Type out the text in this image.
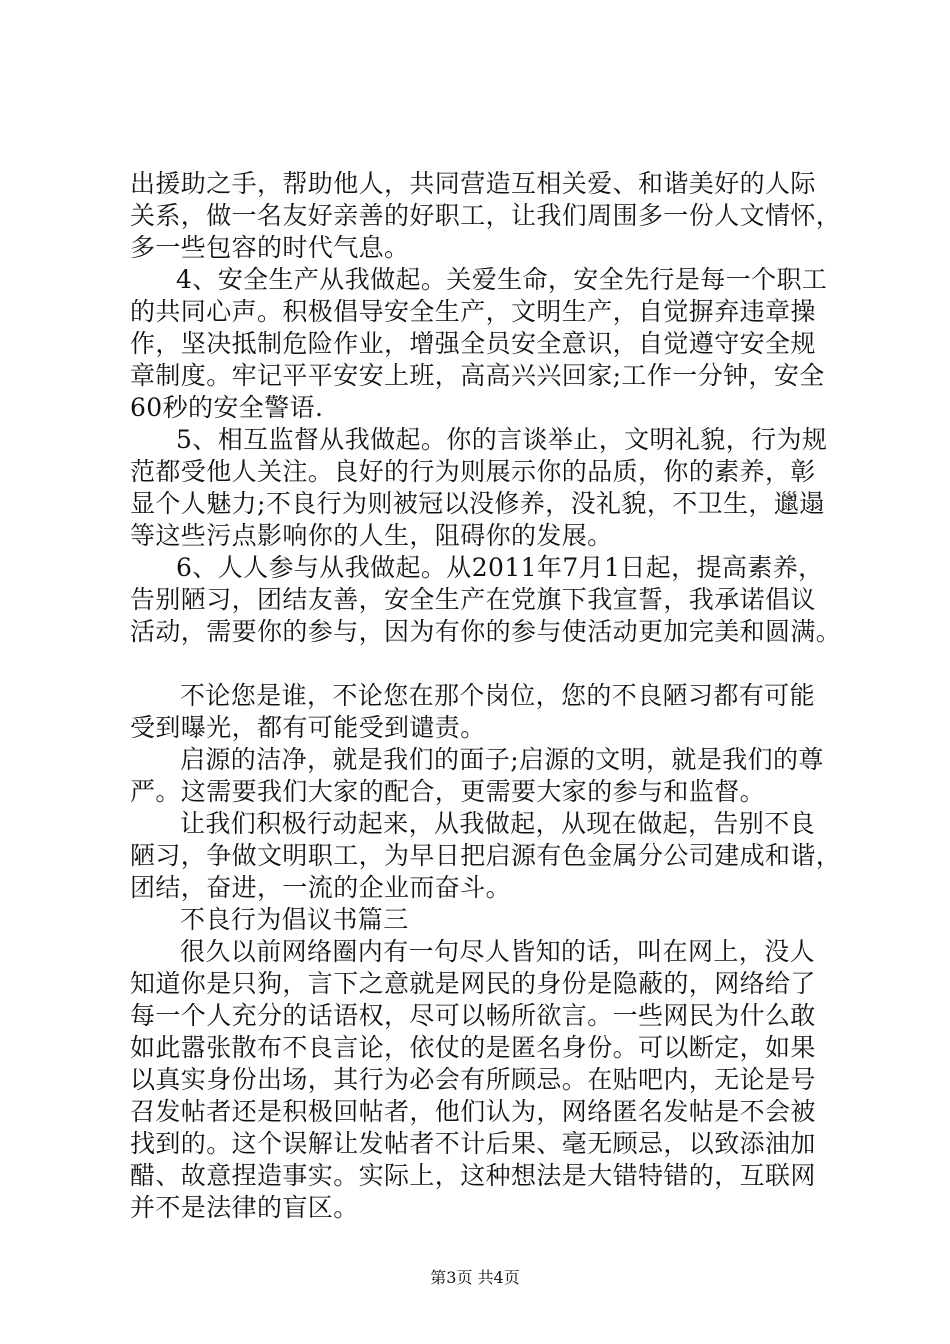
出援助之手，帮助他人，共同营造互相关爱、和谐美好的人际
关系，做一名友好亲善的好职工，让我们周围多一份人文情怀，
多一些包容的时代气息。
4、安全生产从我做起。关爱生命，安全先行是每一个职工
的共同心声。积极倡导安全生产，文明生产，自觉摒弃违章操
作，坚决抵制危险作业，增强全员安全意识，自觉遵守安全规
章制度。牢记平平安安上班，高高兴兴回家;工作一分钟，安全
60秒的安全警语.
5、相互监督从我做起。你的言谈举止，文明礼貌，行为规
范都受他人关注。良好的行为则展示你的品质，你的素养，彰
显个人魅力;不良行为则被冠以没修养，没礼貌，不卫生，邋遢
等这些污点影响你的人生，阻碍你的发展。
6、人人参与从我做起。从2011年7月1日起，提高素养，
告别陋习，团结友善，安全生产在党旗下我宣誓，我承诺倡议
活动，需要你的参与，因为有你的参与使活动更加完美和圆满。
不论您是谁，不论您在那个岗位，您的不良陋习都有可能
受到曝光，都有可能受到谴责。
启源的洁净，就是我们的面子;启源的文明，就是我们的尊
严。这需要我们大家的配合，更需要大家的参与和监督。
让我们积极行动起来，从我做起，从现在做起，告别不良
陋习，争做文明职工，为早日把启源有色金属分公司建成和谐，
团结，奋进，一流的企业而奋斗。
不良行为倡议书篇三
很久以前网络圈内有一句尽人皆知的话，叫在网上，没人
知道你是只狗，言下之意就是网民的身份是隐蔽的，网络给了
每一个人充分的话语权，尽可以畅所欲言。一些网民为什么敢
如此嚣张散布不良言论，依仗的是匿名身份。可以断定，如果
以真实身份出场，其行为必会有所顾忌。在贴吧内，无论是号
召发帖者还是积极回帖者，他们认为，网络匿名发帖是不会被
找到的。这个误解让发帖者不计后果、毫无顾忌，以致添油加
醋、故意捏造事实。实际上，这种想法是大错特错的，互联网
并不是法律的盲区。
第3页 共4页
